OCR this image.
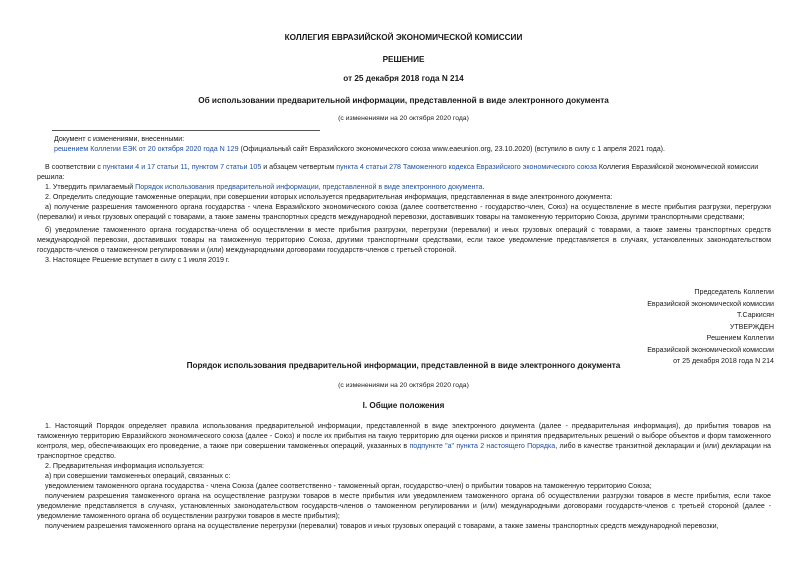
КОЛЛЕГИЯ ЕВРАЗИЙСКОЙ ЭКОНОМИЧЕСКОЙ КОМИССИИ
РЕШЕНИЕ
от 25 декабря 2018 года N 214
Об использовании предварительной информации, представленной в виде электронного документа
(с изменениями на 20 октября 2020 года)

Документ с изменениями, внесенными:

решением Коллегии ЕЭК от 20 октября 2020 года N 129 (Официальный сайт Евразийского экономического союза www.eaeunion.org, 23.10.2020) (вступило в силу с 1 апреля 2021 года).

В соответствии с пунктами 4 и 17 статьи 11, пунктом 7 статьи 105 и абзацем четвертым пункта 4 статьи 278 Таможенного кодекса Евразийского экономического союза Коллегия Евразийской экономической комиссии

решила:

1. Утвердить прилагаемый Порядок использования предварительной информации, представленной в виде электронного документа.

2. Определить следующие таможенные операции, при совершении которых используется предварительная информация, представленная в виде электронного документа:

а) получение разрешения таможенного органа государства - члена Евразийского экономического союза (далее соответственно - государство-член, Союз) на осуществление в месте прибытия разгрузки, перегрузки (перевалки) и иных грузовых операций с товарами, а также замены транспортных средств международной перевозки, доставивших товары на таможенную территорию Союза, другими транспортными средствами;

б) уведомление таможенного органа государства-члена об осуществлении в месте прибытия разгрузки, перегрузки (перевалки) и иных грузовых операций с товарами, а также замены транспортных средств международной перевозки, доставивших товары на таможенную территорию Союза, другими транспортными средствами, если такое уведомление представляется в случаях, установленных законодательством государств-членов о таможенном регулировании и (или) международными договорами государств-членов с третьей стороной.

3. Настоящее Решение вступает в силу с 1 июля 2019 г.

Председатель Коллегии
Евразийской экономической комиссии
Т.Саркисян
УТВЕРЖДЕН
Решением Коллегии
Евразийской экономической комиссии
от 25 декабря 2018 года N 214
Порядок использования предварительной информации, представленной в виде электронного документа
(с изменениями на 20 октября 2020 года)
I. Общие положения

1. Настоящий Порядок определяет правила использования предварительной информации, представленной в виде электронного документа (далее - предварительная информация), до прибытия товаров на таможенную территорию Евразийского экономического союза (далее - Союз) и после их прибытия на такую территорию для оценки рисков и принятия предварительных решений о выборе объектов и форм таможенного контроля, мер, обеспечивающих его проведение, а также при совершении таможенных операций, указанных в подпункте "а" пункта 2 настоящего Порядка, либо в качестве транзитной декларации и (или) декларации на транспортное средство.

2. Предварительная информация используется:

а) при совершении таможенных операций, связанных с:

уведомлением таможенного органа государства - члена Союза (далее соответственно - таможенный орган, государство-член) о прибытии товаров на таможенную территорию Союза;

получением разрешения таможенного органа на осуществление разгрузки товаров в месте прибытия или уведомлением таможенного органа об осуществлении разгрузки товаров в месте прибытия, если такое уведомление представляется в случаях, установленных законодательством государств-членов о таможенном регулировании и (или) международными договорами государств-членов с третьей стороной (далее - уведомление таможенного органа об осуществлении разгрузки товаров в месте прибытия);

получением разрешения таможенного органа на осуществление перегрузки (перевалки) товаров и иных грузовых операций с товарами, а также замены транспортных средств международной перевозки,
